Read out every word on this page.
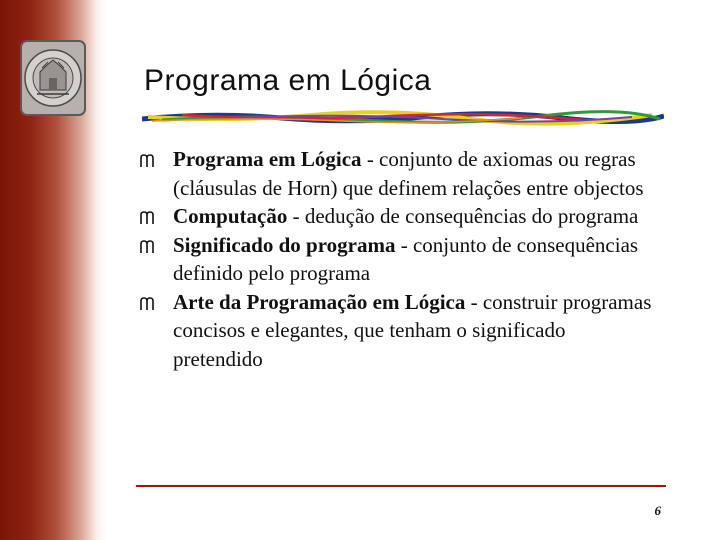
Programa em Lógica
Programa em Lógica - conjunto de axiomas ou regras (cláusulas de Horn) que definem relações entre objectos
Computação - dedução de consequências do programa
Significado do programa - conjunto de consequências definido pelo programa
Arte da Programação em Lógica - construir programas concisos e elegantes, que tenham o significado pretendido
6
